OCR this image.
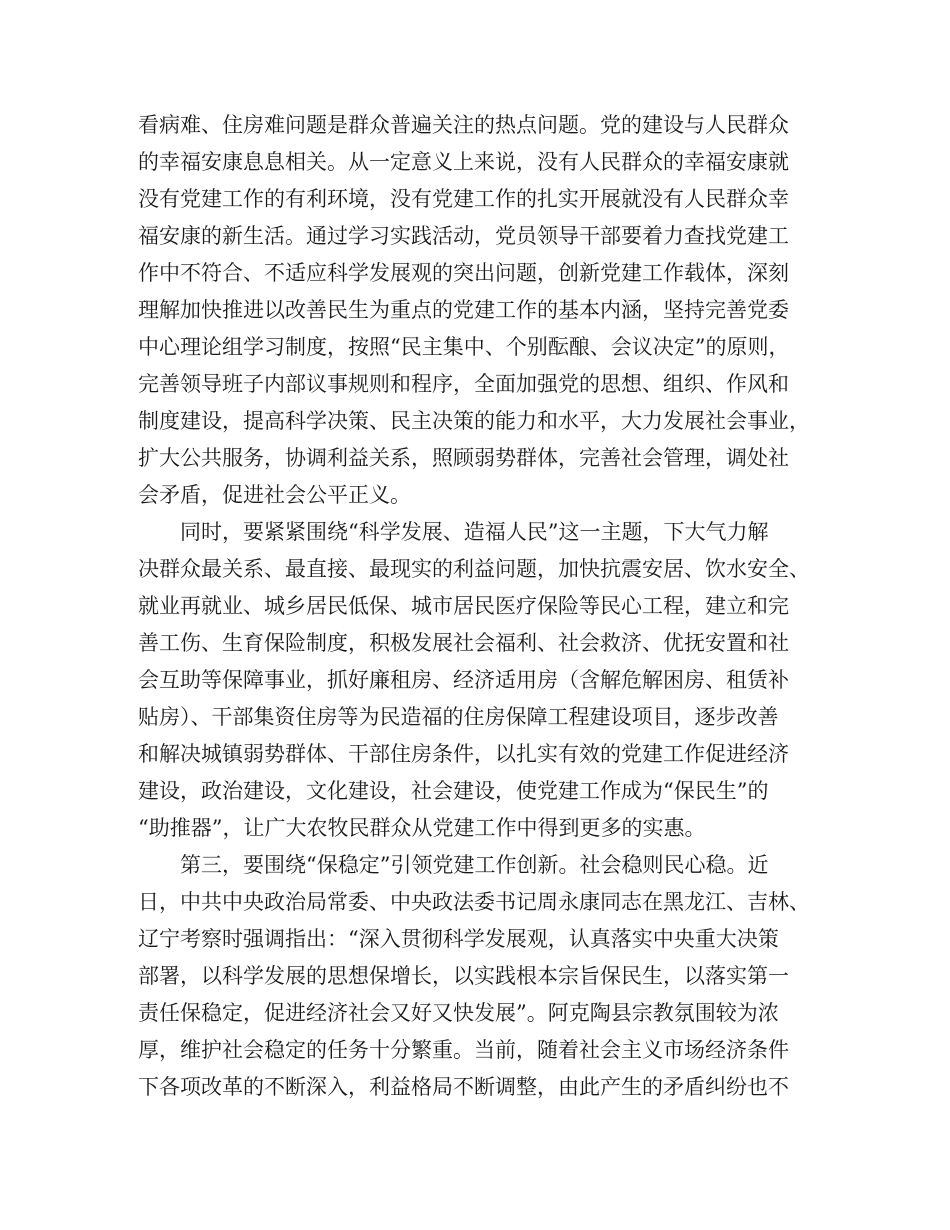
看病难、住房难问题是群众普遍关注的热点问题。党的建设与人民群众
的幸福安康息息相关。从一定意义上来说，没有人民群众的幸福安康就
没有党建工作的有利环境，没有党建工作的扎实开展就没有人民群众幸
福安康的新生活。通过学习实践活动，党员领导干部要着力查找党建工
作中不符合、不适应科学发展观的突出问题，创新党建工作载体，深刻
理解加快推进以改善民生为重点的党建工作的基本内涵，坚持完善党委
中心理论组学习制度，按照“民主集中、个别酝酿、会议决定”的原则，
完善领导班子内部议事规则和程序，全面加强党的思想、组织、作风和
制度建设，提高科学决策、民主决策的能力和水平，大力发展社会事业，
扩大公共服务，协调利益关系，照顾弱势群体，完善社会管理，调处社
会矛盾，促进社会公平正义。
　　同时，要紧紧围绕“科学发展、造福人民”这一主题，下大气力解
决群众最关系、最直接、最现实的利益问题，加快抗震安居、饮水安全、
就业再就业、城乡居民低保、城市居民医疗保险等民心工程，建立和完
善工伤、生育保险制度，积极发展社会福利、社会救济、优抚安置和社
会互助等保障事业，抓好廉租房、经济适用房（含解危解困房、租赁补
贴房）、干部集资住房等为民造福的住房保障工程建设项目，逐步改善
和解决城镇弱势群体、干部住房条件，以扎实有效的党建工作促进经济
建设，政治建设，文化建设，社会建设，使党建工作成为“保民生”的
“助推器”，让广大农牧民群众从党建工作中得到更多的实惠。
　　第三，要围绕“保稳定”引领党建工作创新。社会稳则民心稳。近
日，中共中央政治局常委、中央政法委书记周永康同志在黑龙江、吉林、
辽宁考察时强调指出：“深入贯彻科学发展观，认真落实中央重大决策
部署，以科学发展的思想保增长，以实践根本宗旨保民生，以落实第一
责任保稳定，促进经济社会又好又快发展”。阿克陶县宗教氛围较为浓
厚，维护社会稳定的任务十分繁重。当前，随着社会主义市场经济条件
下各项改革的不断深入，利益格局不断调整，由此产生的矛盾纠纷也不
